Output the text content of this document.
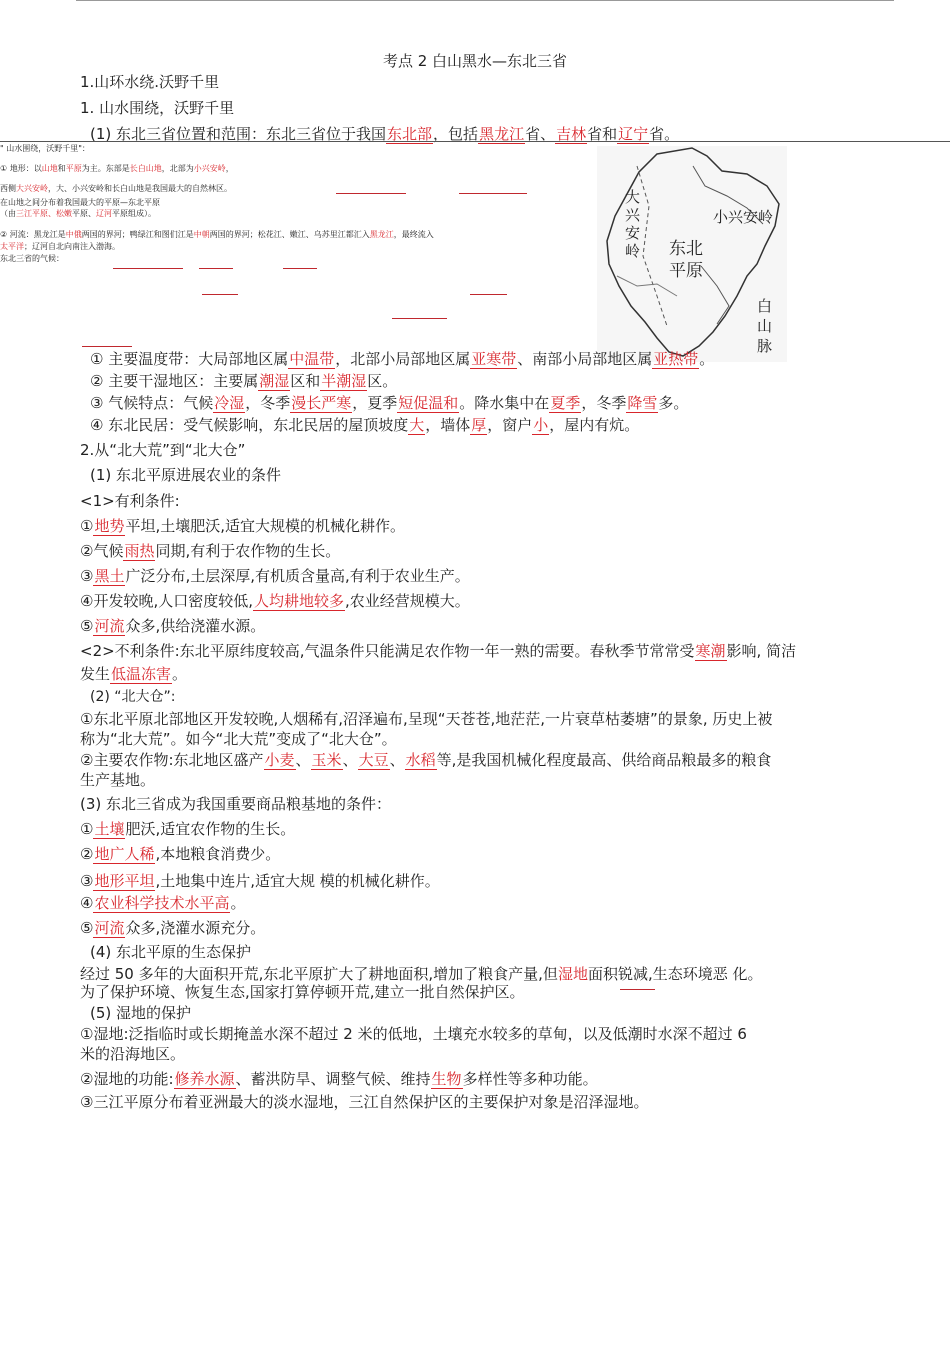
考点 2 白山黑水—东北三省
1.山环水绕.沃野千里
1. 山水围绕，沃野千里
(1) 东北三省位置和范围：东北三省位于我国东北部，包括黑龙江省、吉林省和辽宁省。
" 山水围绕，沃野千里"：
① 地形：以山地和平原为主。东部是长白山地，北部为小兴安岭，
西侧大兴安岭，大、小兴安岭和长白山地是我国最大的自然林区。
在山地之间分布着我国最大的平原—东北平原
（由三江平原、松嫩平原、辽河平原组成）。
② 河流：黑龙江是中俄两国的界河；鸭绿江和图们江是中朝两国的界河；松花江、嫩江、乌苏里江都汇入黑龙江，最终流入
太平洋；辽河自北向南注入渤海。
东北三省的气候：
大兴安岭
小兴安岭
东北平原
白山脉
① 主要温度带：大局部地区属中温带，北部小局部地区属亚寒带、南部小局部地区属亚热带。
② 主要干湿地区：主要属潮湿区和半潮湿区。
③ 气候特点：气候冷湿，冬季漫长严寒，夏季短促温和。降水集中在夏季，冬季降雪多。
④ 东北民居：受气候影响，东北民居的屋顶坡度大，墙体厚，窗户小，屋内有炕。
2.从“北大荒”到“北大仓”
(1) 东北平原进展农业的条件
<1>有利条件:
①地势平坦,土壤肥沃,适宜大规模的机械化耕作。
②气候雨热同期,有利于农作物的生长。
③黑土广泛分布,土层深厚,有机质含量高,有利于农业生产。
④开发较晚,人口密度较低,人均耕地较多,农业经营规模大。
⑤河流众多,供给浇灌水源。
<2>不利条件:东北平原纬度较高,气温条件只能满足农作物一年一熟的需要。春秋季节常常受寒潮影响, 简洁
发生低温冻害。
(2) “北大仓”:
①东北平原北部地区开发较晚,人烟稀有,沼泽遍布,呈现“天苍苍,地茫茫,一片衰草枯萎塘”的景象, 历史上被
称为“北大荒”。如今“北大荒”变成了“北大仓”。
②主要农作物:东北地区盛产小麦、玉米、大豆、水稻等,是我国机械化程度最高、供给商品粮最多的粮食
生产基地。
(3) 东北三省成为我国重要商品粮基地的条件：
①土壤肥沃,适宜农作物的生长。
②地广人稀,本地粮食消费少。
③地形平坦,土地集中连片,适宜大规 模的机械化耕作。
④农业科学技术水平高。
⑤河流众多,浇灌水源充分。
(4) 东北平原的生态保护
经过 50 多年的大面积开荒,东北平原扩大了耕地面积,增加了粮食产量,但湿地面积锐减,生态环境恶 化。
为了保护环境、恢复生态,国家打算停顿开荒,建立一批自然保护区。
(5) 湿地的保护
①湿地:泛指临时或长期掩盖水深不超过 2 米的低地，土壤充水较多的草甸，以及低潮时水深不超过 6
米的沿海地区。
②湿地的功能:修养水源、蓄洪防旱、调整气候、维持生物多样性等多种功能。
③三江平原分布着亚洲最大的淡水湿地，三江自然保护区的主要保护对象是沼泽湿地。
